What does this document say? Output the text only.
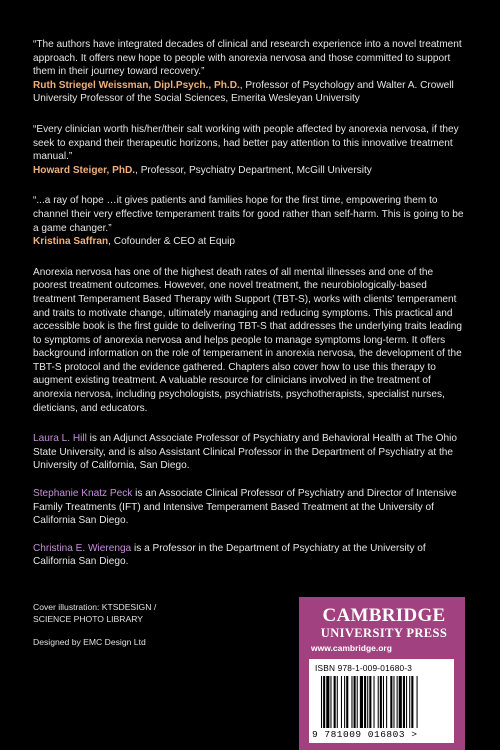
“The authors have integrated decades of clinical and research experience into a novel treatment approach. It offers new hope to people with anorexia nervosa and those committed to support them in their journey toward recovery.”
Ruth Striegel Weissman, Dipl.Psych., Ph.D., Professor of Psychology and Walter A. Crowell University Professor of the Social Sciences, Emerita Wesleyan University

“Every clinician worth his/her/their salt working with people affected by anorexia nervosa, if they seek to expand their therapeutic horizons, had better pay attention to this innovative treatment manual.”
Howard Steiger, PhD., Professor, Psychiatry Department, McGill University

“...a ray of hope …it gives patients and families hope for the first time, empowering them to channel their very effective temperament traits for good rather than self-harm. This is going to be a game changer.”
Kristina Saffran, Cofounder & CEO at Equip

Anorexia nervosa has one of the highest death rates of all mental illnesses and one of the poorest treatment outcomes. However, one novel treatment, the neurobiologically-based treatment Temperament Based Therapy with Support (TBT-S), works with clients' temperament and traits to motivate change, ultimately managing and reducing symptoms. This practical and accessible book is the first guide to delivering TBT-S that addresses the underlying traits leading to symptoms of anorexia nervosa and helps people to manage symptoms long-term. It offers background information on the role of temperament in anorexia nervosa, the development of the TBT-S protocol and the evidence gathered. Chapters also cover how to use this therapy to augment existing treatment. A valuable resource for clinicians involved in the treatment of anorexia nervosa, including psychologists, psychiatrists, psychotherapists, specialist nurses, dieticians, and educators.

Laura L. Hill is an Adjunct Associate Professor of Psychiatry and Behavioral Health at The Ohio State University, and is also Assistant Clinical Professor in the Department of Psychiatry at the University of California, San Diego.

Stephanie Knatz Peck is an Associate Clinical Professor of Psychiatry and Director of Intensive Family Treatments (IFT) and Intensive Temperament Based Treatment at the University of California San Diego.

Christina E. Wierenga is a Professor in the Department of Psychiatry at the University of California San Diego.

Cover illustration: KTSDESIGN /
SCIENCE PHOTO LIBRARY
Designed by EMC Design Ltd
CAMBRIDGE
UNIVERSITY PRESS
www.cambridge.org
ISBN 978-1-009-01680-3
9 781009 016803 >
